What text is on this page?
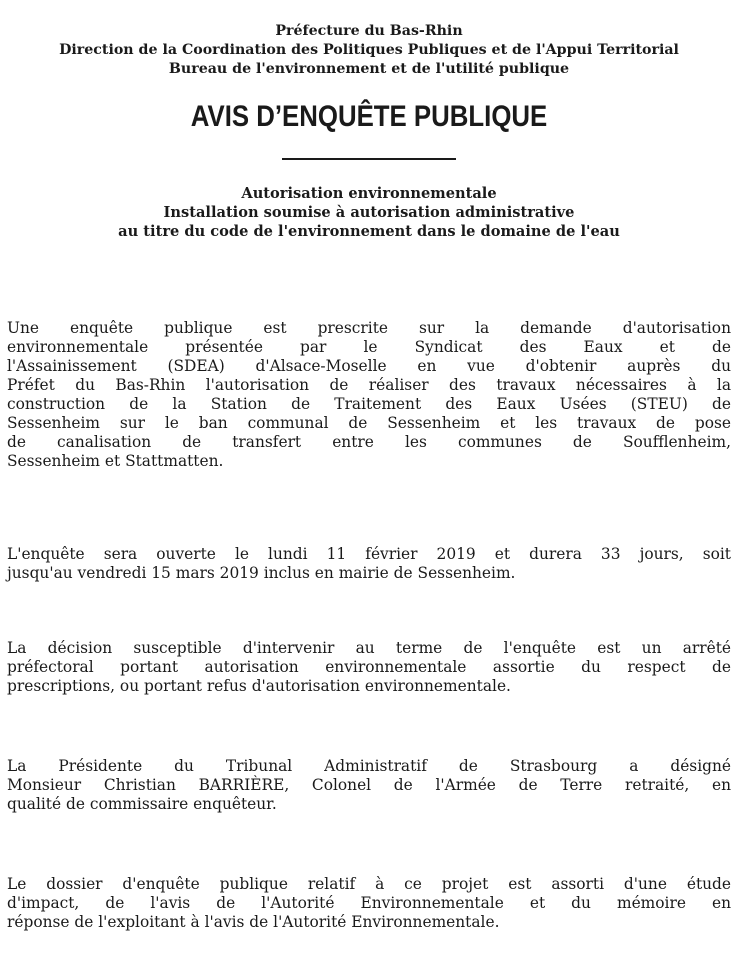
Préfecture du Bas-Rhin
Direction de la Coordination des Politiques Publiques et de l'Appui Territorial
Bureau de l'environnement et de l'utilité publique
AVIS D’ENQUÊTE PUBLIQUE
Autorisation environnementale
Installation soumise à autorisation administrative
au titre du code de l'environnement dans le domaine de l'eau
Une enquête publique est prescrite sur la demande d'autorisation
environnementale présentée par le Syndicat des Eaux et de
l'Assainissement (SDEA) d'Alsace-Moselle en vue d'obtenir auprès du
Préfet du Bas-Rhin l'autorisation de réaliser des travaux nécessaires à la
construction de la Station de Traitement des Eaux Usées (STEU) de
Sessenheim sur le ban communal de Sessenheim et les travaux de pose
de canalisation de transfert entre les communes de Soufflenheim,
Sessenheim et Stattmatten.
L'enquête sera ouverte le lundi 11 février 2019 et durera 33 jours, soit
jusqu'au vendredi 15 mars 2019 inclus en mairie de Sessenheim.
La décision susceptible d'intervenir au terme de l'enquête est un arrêté
préfectoral portant autorisation environnementale assortie du respect de
prescriptions, ou portant refus d'autorisation environnementale.
La Présidente du Tribunal Administratif de Strasbourg a désigné
Monsieur Christian BARRIÈRE, Colonel de l'Armée de Terre retraité, en
qualité de commissaire enquêteur.
Le dossier d'enquête publique relatif à ce projet est assorti d'une étude
d'impact, de l'avis de l'Autorité Environnementale et du mémoire en
réponse de l'exploitant à l'avis de l'Autorité Environnementale.
